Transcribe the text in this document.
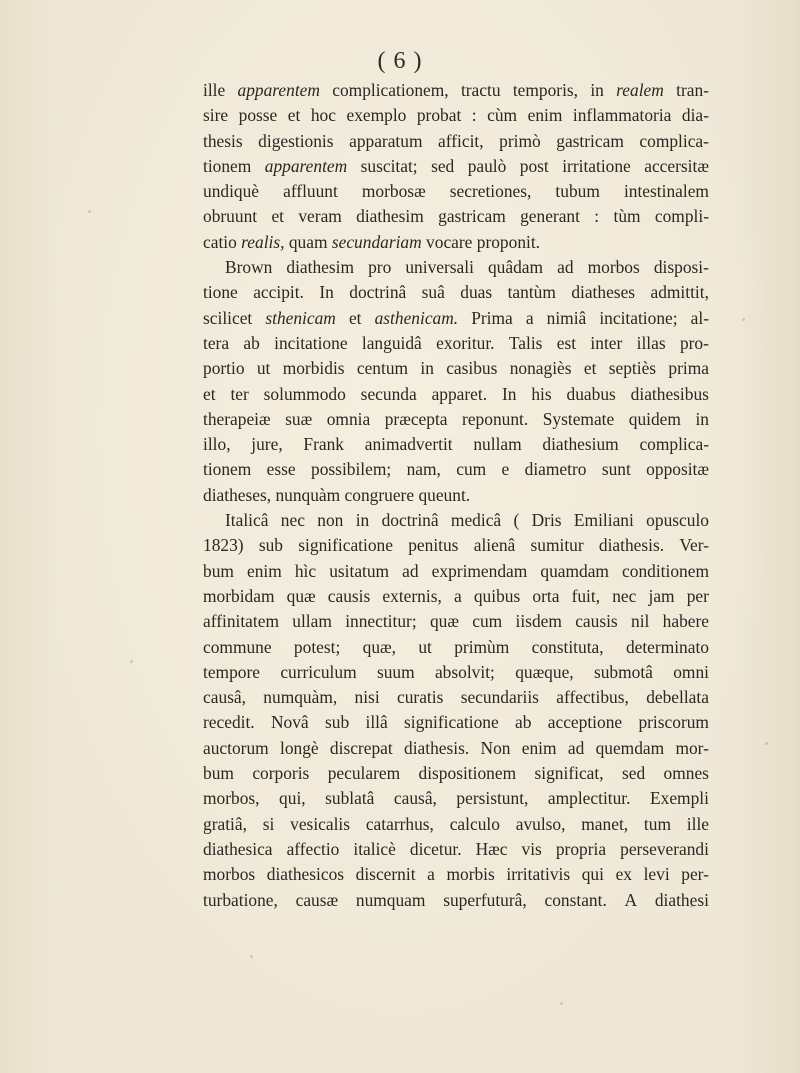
( 6 )
ille apparentem complicationem, tractu temporis, in realem tran-
sire posse et hoc exemplo probat : cùm enim inflammatoria dia-
thesis digestionis apparatum afficit, primò gastricam complica-
tionem apparentem suscitat; sed paulò post irritatione accersitæ
undiquè affluunt morbosæ secretiones, tubum intestinalem
obruunt et veram diathesim gastricam generant : tùm compli-
catio realis, quam secundariam vocare proponit.
Brown diathesim pro universali quâdam ad morbos disposi-
tione accipit. In doctrinâ suâ duas tantùm diatheses admittit,
scilicet sthenicam et asthenicam. Prima a nimiâ incitatione; al-
tera ab incitatione languidâ exoritur. Talis est inter illas pro-
portio ut morbidis centum in casibus nonagiès et septiès prima
et ter solummodo secunda apparet. In his duabus diathesibus
therapeiæ suæ omnia præcepta reponunt. Systemate quidem in
illo, jure, Frank animadvertit nullam diathesium complica-
tionem esse possibilem; nam, cum e diametro sunt oppositæ
diatheses, nunquàm congruere queunt.
Italicâ nec non in doctrinâ medicâ ( Dris Emiliani opusculo
1823) sub significatione penitus alienâ sumitur diathesis. Ver-
bum enim hìc usitatum ad exprimendam quamdam conditionem
morbidam quæ causis externis, a quibus orta fuit, nec jam per
affinitatem ullam innectitur; quæ cum iisdem causis nil habere
commune potest; quæ, ut primùm constituta, determinato
tempore curriculum suum absolvit; quæque, submotâ omni
causâ, numquàm, nisi curatis secundariis affectibus, debellata
recedit. Novâ sub illâ significatione ab acceptione priscorum
auctorum longè discrepat diathesis. Non enim ad quemdam mor-
bum corporis pecularem dispositionem significat, sed omnes
morbos, qui, sublatâ causâ, persistunt, amplectitur. Exempli
gratiâ, si vesicalis catarrhus, calculo avulso, manet, tum ille
diathesica affectio italicè dicetur. Hæc vis propria perseverandi
morbos diathesicos discernit a morbis irritativis qui ex levi per-
turbatione, causæ numquam superfuturâ, constant. A diathesi
